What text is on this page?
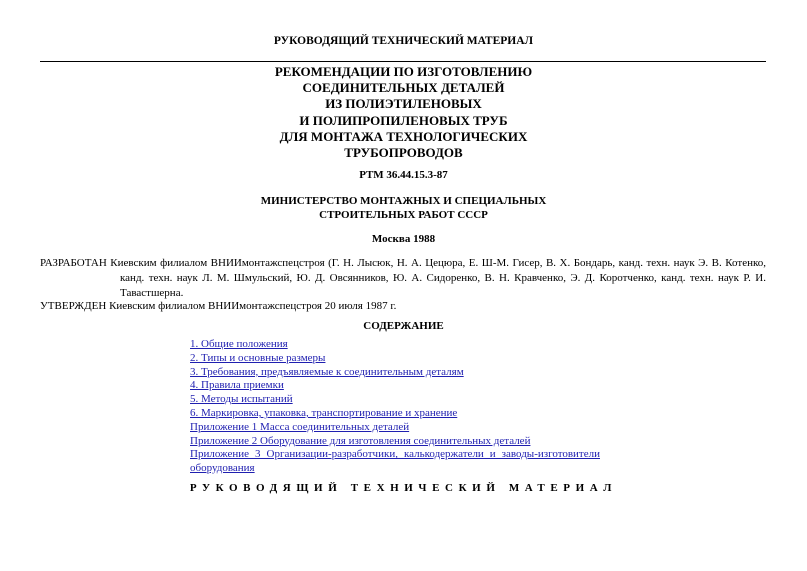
РУКОВОДЯЩИЙ ТЕХНИЧЕСКИЙ МАТЕРИАЛ
РЕКОМЕНДАЦИИ ПО ИЗГОТОВЛЕНИЮ
СОЕДИНИТЕЛЬНЫХ ДЕТАЛЕЙ
ИЗ ПОЛИЭТИЛЕНОВЫХ
И ПОЛИПРОПИЛЕНОВЫХ ТРУБ
ДЛЯ МОНТАЖА ТЕХНОЛОГИЧЕСКИХ
ТРУБОПРОВОДОВ
РТМ 36.44.15.3-87
МИНИСТЕРСТВО МОНТАЖНЫХ И СПЕЦИАЛЬНЫХ
СТРОИТЕЛЬНЫХ РАБОТ СССР
Москва 1988
РАЗРАБОТАН Киевским филиалом ВНИИмонтажспецстроя (Г. Н. Лысюк, Н. А. Цецюра, Е. Ш-М. Гисер, В. Х. Бондарь, канд. техн. наук Э. В. Котенко,
канд. техн. наук Л. М. Шмульский, Ю. Д. Овсянников, Ю. А. Сидоренко, В. Н. Кравченко, Э. Д. Коротченко, канд. техн. наук Р. И.
Тавастшерна.
УТВЕРЖДЕН Киевским филиалом ВНИИмонтажспецстроя 20 июля 1987 г.
СОДЕРЖАНИЕ
1. Общие положения
2. Типы и основные размеры
3. Требования, предъявляемые к соединительным деталям
4. Правила приемки
5. Методы испытаний
6. Маркировка, упаковка, транспортирование и хранение
Приложение 1 Масса соединительных деталей
Приложение 2 Оборудование для изготовления соединительных деталей
Приложение 3 Организации-разработчики, калькодержатели и заводы-изготовители оборудования
РУКОВОДЯЩИЙ ТЕХНИЧЕСКИЙ МАТЕРИАЛ
